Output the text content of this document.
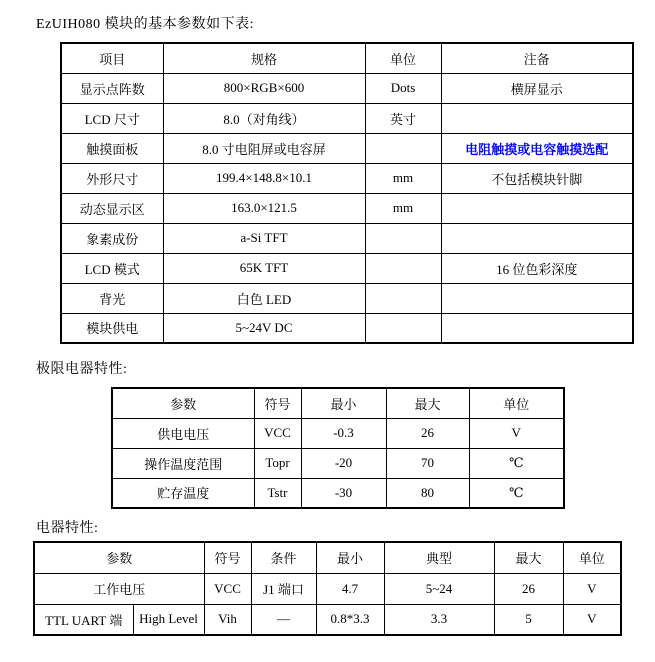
EzUIH080 模块的基本参数如下表:
项目	规格	单位	注备
显示点阵数	800×RGB×600	Dots	横屏显示
LCD 尺寸	8.0（对角线）	英寸	
触摸面板	8.0 寸电阻屏或电容屏		电阻触摸或电容触摸选配
外形尺寸	199.4×148.8×10.1	mm	不包括模块针脚
动态显示区	163.0×121.5	mm	
象素成份	a-Si TFT		
LCD 模式	65K TFT		16 位色彩深度
背光	白色 LED		
模块供电	5~24V DC		
极限电器特性:
参数	符号	最小	最大	单位
供电电压	VCC	-0.3	26	V
操作温度范围	Topr	-20	70	℃
贮存温度	Tstr	-30	80	℃
电器特性:
参数		符号	条件	最小	典型	最大	单位
工作电压		VCC	J1 端口	4.7	5~24	26	V
TTL UART 端	High Level	Vih	—	0.8*3.3	3.3	5	V
